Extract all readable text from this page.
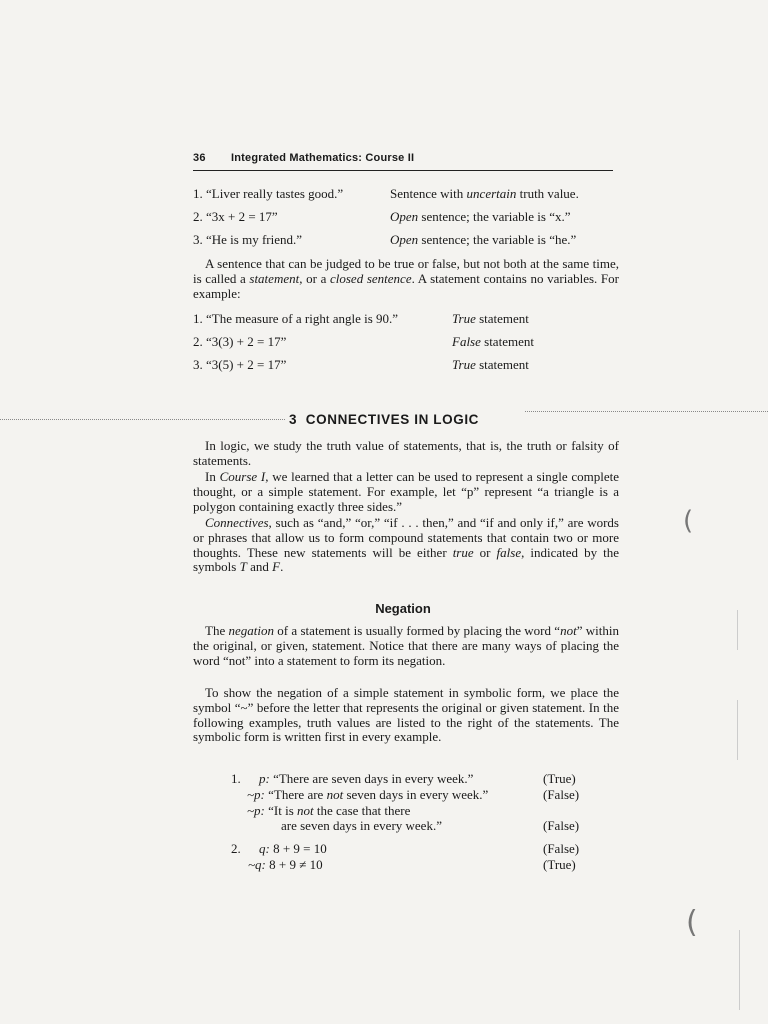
36 Integrated Mathematics: Course II
1. “Liver really tastes good.”	Sentence with uncertain truth value.
2. “3x + 2 = 17”	Open sentence; the variable is “x.”
3. “He is my friend.”	Open sentence; the variable is “he.”
A sentence that can be judged to be true or false, but not both at the same time, is called a statement, or a closed sentence. A statement contains no variables. For example:
1. “The measure of a right angle is 90.”	True statement
2. “3(3) + 2 = 17”	False statement
3. “3(5) + 2 = 17”	True statement
3 CONNECTIVES IN LOGIC
In logic, we study the truth value of statements, that is, the truth or falsity of statements.
In Course I, we learned that a letter can be used to represent a single complete thought, or a simple statement. For example, let “p” represent “a triangle is a polygon containing exactly three sides.”
Connectives, such as “and,” “or,” “if . . . then,” and “if and only if,” are words or phrases that allow us to form compound statements that contain two or more thoughts. These new statements will be either true or false, indicated by the symbols T and F.
Negation
The negation of a statement is usually formed by placing the word “not” within the original, or given, statement. Notice that there are many ways of placing the word “not” into a statement to form its negation.
To show the negation of a simple statement in symbolic form, we place the symbol “~” before the letter that represents the original or given statement. In the following examples, truth values are listed to the right of the statements. The symbolic form is written first in every example.
1. p: “There are seven days in every week.”	(True)
~p: “There are not seven days in every week.”	(False)
~p: “It is not the case that there
are seven days in every week.”	(False)
2. q: 8 + 9 = 10	(False)
~q: 8 + 9 ≠ 10	(True)
(
(
